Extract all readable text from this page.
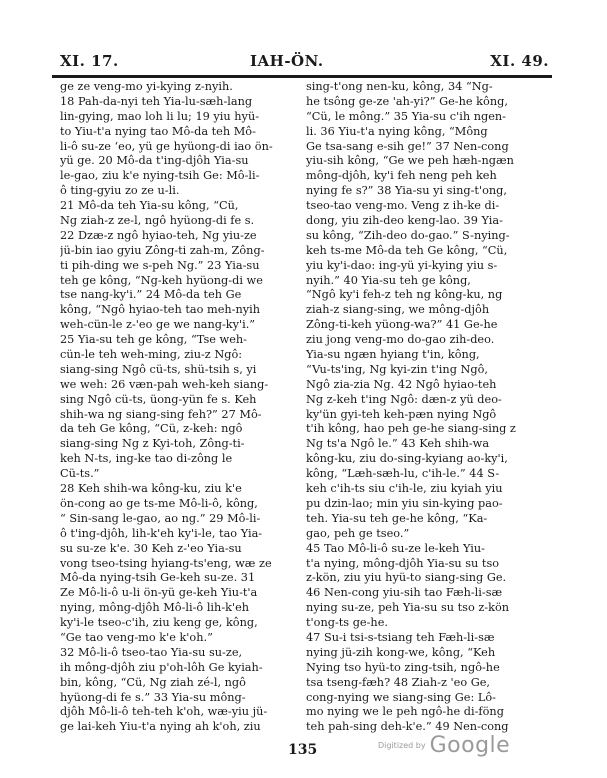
XI. 17.	IAH-ÖN.	XI. 49.
ge ze veng-mo yi-kying z-nyih.
18 Pah-da-nyi teh Yia-lu-sæh-lang
lin-gying, mao loh li lu; 19 yiu hyü-
to Yiu-t'a nying tao Mô-da teh Mô-
li-ô su-ze ‘eo, yü ge hyüong-di iao ön-
yü ge. 20 Mô-da t'ing-djôh Yia-su
le-gao, ziu k'e nying-tsih Ge: Mô-li-
ô ting-gyiu zo ze u-li.
21 Mô-da teh Yia-su kông, “Cü,
Ng ziah-z ze-l, ngô hyüong-di fe s.
22 Dzæ-z ngô hyiao-teh, Ng yiu-ze
jü-bin iao gyiu Zông-ti zah-m, Zông-
ti pih-ding we s-peh Ng.” 23 Yia-su
teh ge kông, “Ng-keh hyüong-di we
tse nang-ky'i.” 24 Mô-da teh Ge
kông, “Ngô hyiao-teh tao meh-nyih
weh-cün-le z-'eo ge we nang-ky'i.”
25 Yia-su teh ge kông, “Tse weh-
cün-le teh weh-ming, ziu-z Ngô:
siang-sing Ngô cü-ts, shü-tsih s, yi
we weh: 26 væn-pah weh-keh siang-
sing Ngô cü-ts, üong-yün fe s. Keh
shih-wa ng siang-sing feh?” 27 Mô-
da teh Ge kông, “Cü, z-keh: ngô
siang-sing Ng z Kyi-toh, Zông-ti-
keh N-ts, ing-ke tao di-zông le
Cü-ts.”
28 Keh shih-wa kông-ku, ziu k'e
ön-cong ao ge ts-me Mô-li-ô, kông,
“ Sin-sang le-gao, ao ng.” 29 Mô-li-
ô t'ing-djôh, lih-k'eh ky'i-le, tao Yia-
su su-ze k'e. 30 Keh z-'eo Yia-su
vong tseo-tsing hyiang-ts'eng, wæ ze
Mô-da nying-tsih Ge-keh su-ze. 31
Ze Mô-li-ô u-li ön-yü ge-keh Yiu-t'a
nying, mông-djôh Mô-li-ô lih-k'eh
ky'i-le tseo-c'ih, ziu keng ge, kông,
“Ge tao veng-mo k'e k'oh.”
32 Mô-li-ô tseo-tao Yia-su su-ze,
ih mông-djôh ziu p'oh-lôh Ge kyiah-
bin, kông, “Cü, Ng ziah zé-l, ngô
hyüong-di fe s.” 33 Yia-su mông-
djôh Mô-li-ô teh-teh k'oh, wæ-yiu jü-
ge lai-keh Yiu-t'a nying ah k'oh, ziu
sing-t'ong nen-ku, kông, 34 “Ng-
he tsông ge-ze 'ah-yi?” Ge-he kông,
“Cü, le mông.” 35 Yia-su c'ih ngen-
li. 36 Yiu-t'a nying kông, “Mông
Ge tsa-sang e-sih ge!” 37 Nen-cong
yiu-sih kông, “Ge we peh hæh-ngæn
mông-djôh, ky'i feh neng peh keh
nying fe s?” 38 Yia-su yi sing-t'ong,
tseo-tao veng-mo. Veng z ih-ke di-
dong, yiu zih-deo keng-lao. 39 Yia-
su kông, “Zih-deo do-gao.” S-nying-
keh ts-me Mô-da teh Ge kông, “Cü,
yiu ky'i-dao: ing-yü yi-kying yiu s-
nyih.” 40 Yia-su teh ge kông,
“Ngô ky'i feh-z teh ng kông-ku, ng
ziah-z siang-sing, we mông-djôh
Zông-ti-keh yüong-wa?” 41 Ge-he
ziu jong veng-mo do-gao zih-deo.
Yia-su ngæn hyiang t'in, kông,
“Vu-ts'ing, Ng kyi-zin t'ing Ngô,
Ngô zia-zia Ng. 42 Ngô hyiao-teh
Ng z-keh t'ing Ngô: dæn-z yü deo-
ky'ün gyi-teh keh-pæn nying Ngô
t'ih kông, hao peh ge-he siang-sing z
Ng ts'a Ngô le.” 43 Keh shih-wa
kông-ku, ziu do-sing-kyiang ao-ky'i,
kông, “Læh-sæh-lu, c'ih-le.” 44 S-
keh c'ih-ts siu c'ih-le, ziu kyiah yiu
pu dzin-lao; min yiu sin-kying pao-
teh. Yia-su teh ge-he kông, “Ka-
gao, peh ge tseo.”
45 Tao Mô-li-ô su-ze le-keh Yiu-
t'a nying, mông-djôh Yia-su su tso
z-kön, ziu yiu hyü-to siang-sing Ge.
46 Nen-cong yiu-sih tao Fæh-li-sæ
nying su-ze, peh Yia-su su tso z-kön
t'ong-ts ge-he.
47 Su-i tsi-s-tsiang teh Fæh-li-sæ
nying jü-zih kong-we, kông, “Keh
Nying tso hyü-to zing-tsih, ngô-he
tsa tseng-fæh? 48 Ziah-z 'eo Ge,
cong-nying we siang-sing Ge: Lô-
mo nying we le peh ngô-he di-föng
teh pah-sing deh-k'e.” 49 Nen-cong
135	Digitized by Google
